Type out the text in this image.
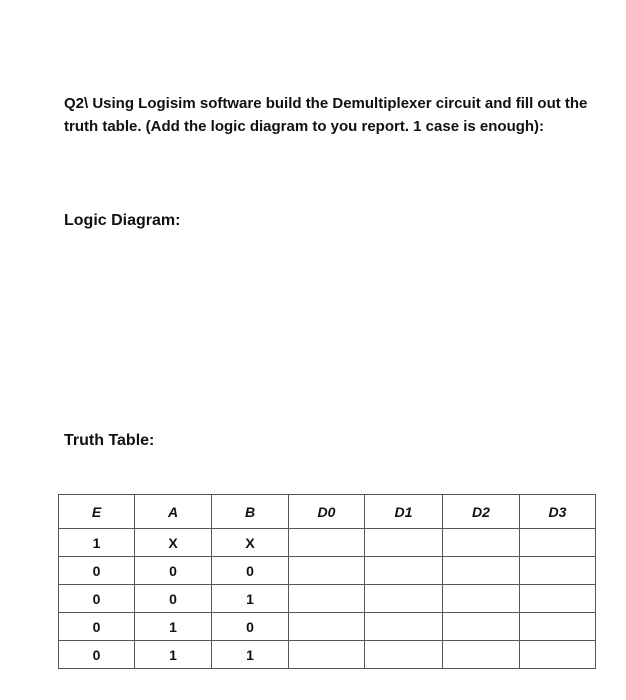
Q2\ Using Logisim software build the Demultiplexer circuit and fill out the truth table. (Add the logic diagram to you report. 1 case is enough):

Logic Diagram:

Truth Table:

E	A	B	D0	D1	D2	D3
1	X	X				
0	0	0				
0	0	1				
0	1	0				
0	1	1				
